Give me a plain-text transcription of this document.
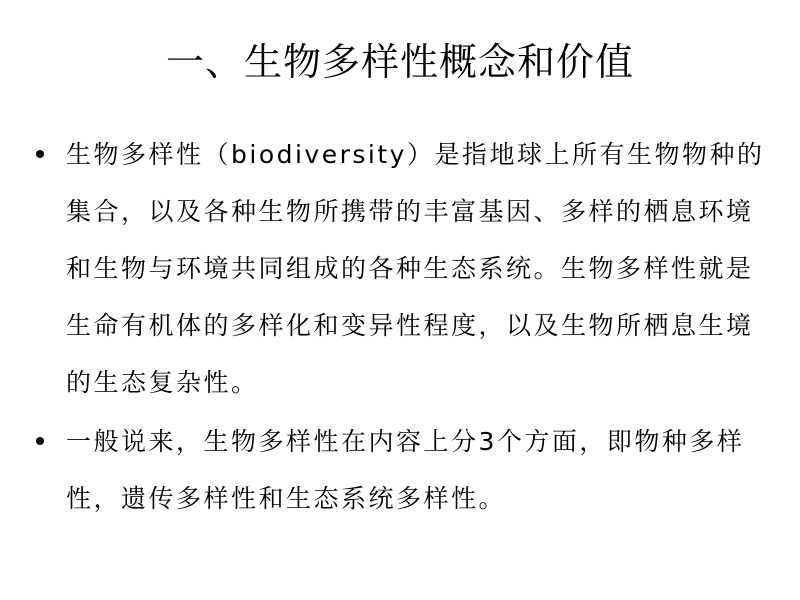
一、生物多样性概念和价值
生物多样性（biodiversity）是指地球上所有生物物种的集合，以及各种生物所携带的丰富基因、多样的栖息环境和生物与环境共同组成的各种生态系统。生物多样性就是生命有机体的多样化和变异性程度，以及生物所栖息生境的生态复杂性。
一般说来，生物多样性在内容上分3个方面，即物种多样性，遗传多样性和生态系统多样性。
